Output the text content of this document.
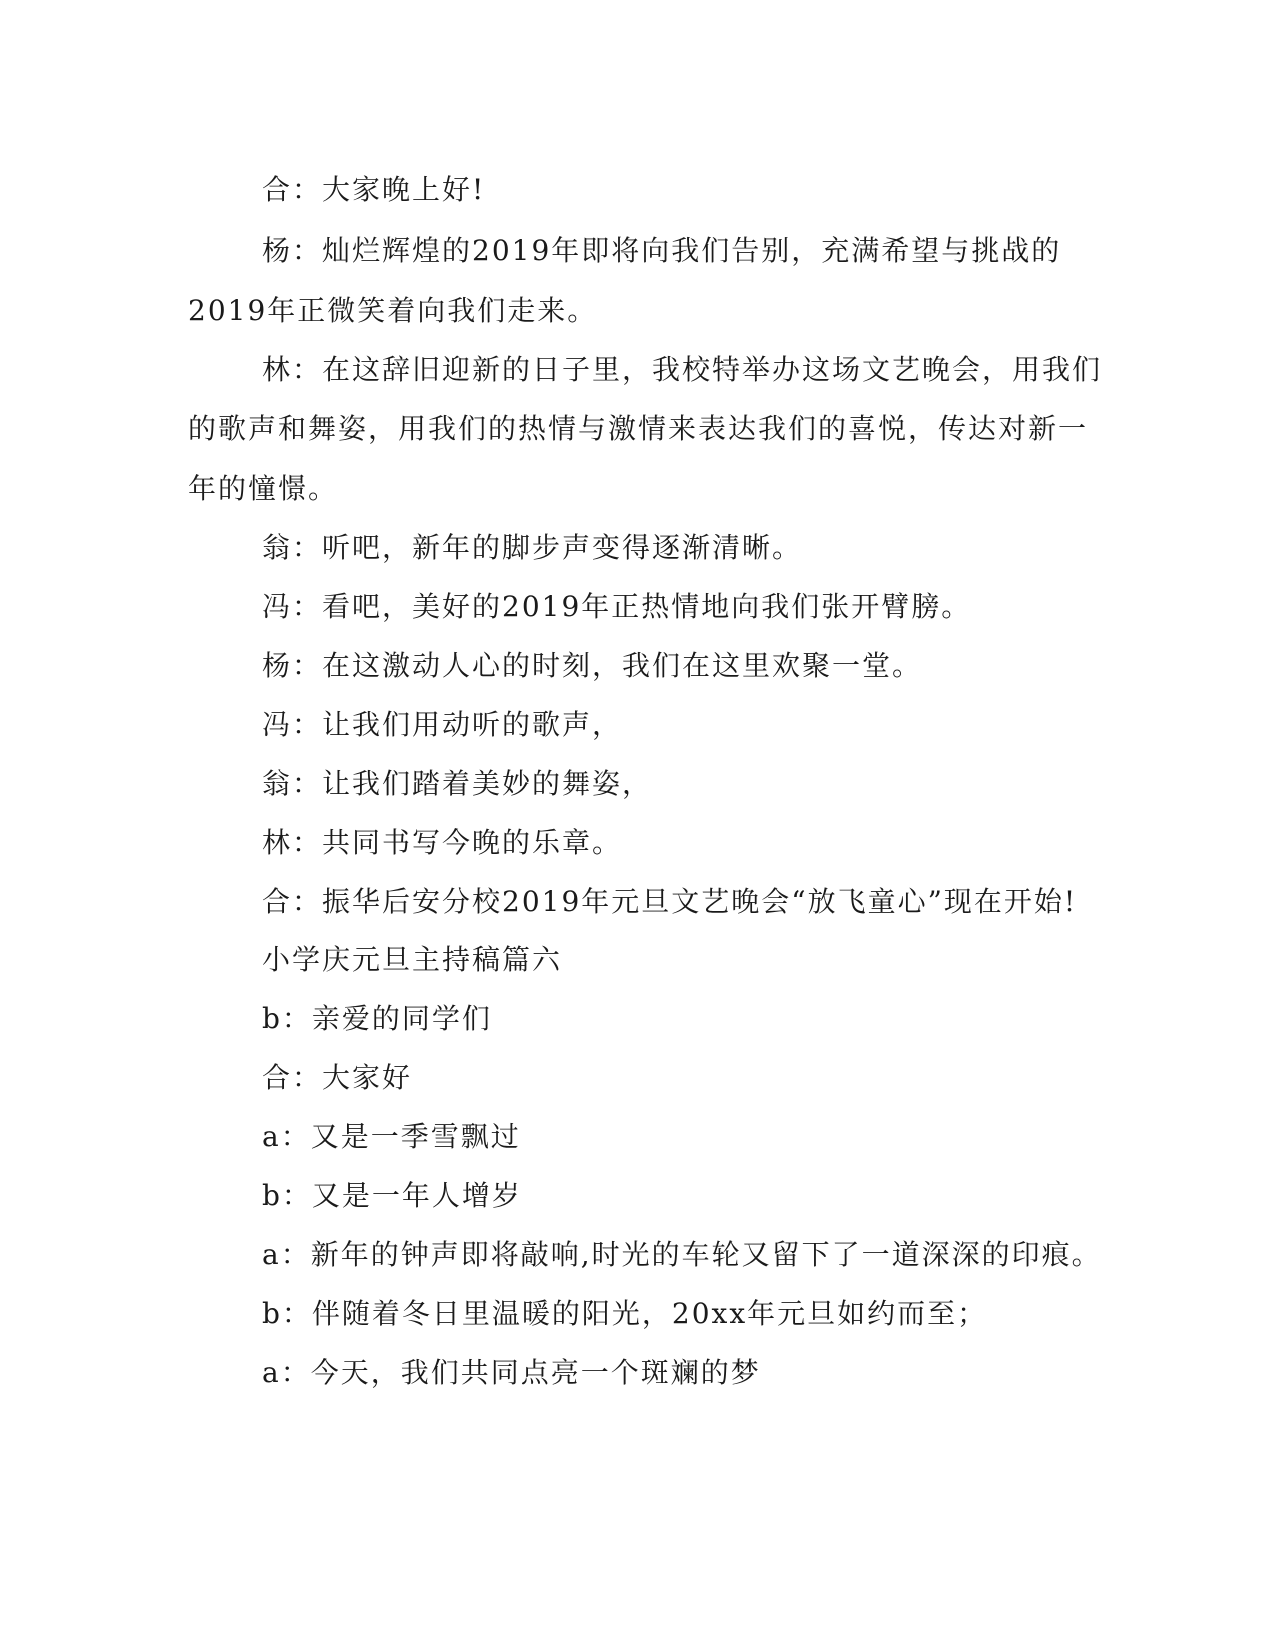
合：大家晚上好!
杨：灿烂辉煌的2019年即将向我们告别，充满希望与挑战的
2019年正微笑着向我们走来。
林：在这辞旧迎新的日子里，我校特举办这场文艺晚会，用我们
的歌声和舞姿，用我们的热情与激情来表达我们的喜悦，传达对新一
年的憧憬。
翁：听吧，新年的脚步声变得逐渐清晰。
冯：看吧，美好的2019年正热情地向我们张开臂膀。
杨：在这激动人心的时刻，我们在这里欢聚一堂。
冯：让我们用动听的歌声，
翁：让我们踏着美妙的舞姿，
林：共同书写今晚的乐章。
合：振华后安分校2019年元旦文艺晚会“放飞童心”现在开始!
小学庆元旦主持稿篇六
b：亲爱的同学们
合：大家好
a：又是一季雪飘过
b：又是一年人增岁
a：新年的钟声即将敲响,时光的车轮又留下了一道深深的印痕。
b：伴随着冬日里温暖的阳光，20xx年元旦如约而至；
a：今天，我们共同点亮一个斑斓的梦
